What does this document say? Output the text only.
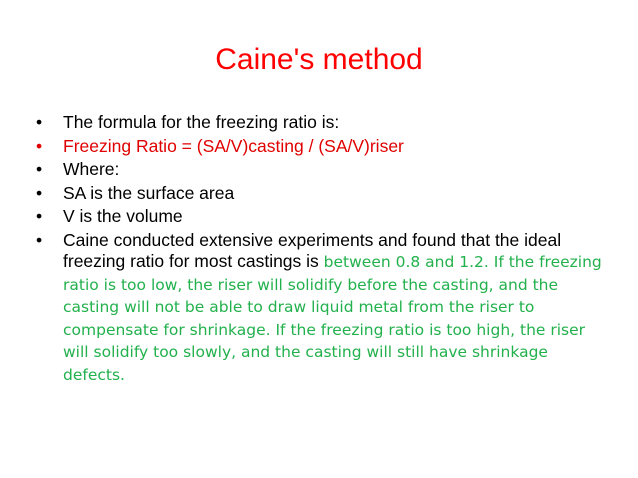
Caine's method
•	The formula for the freezing ratio is:
•	Freezing Ratio = (SA/V)casting / (SA/V)riser
•	Where:
•	SA is the surface area
•	V is the volume
•	Caine conducted extensive experiments and found that the ideal freezing ratio for most castings is between 0.8 and 1.2. If the freezing ratio is too low, the riser will solidify before the casting, and the casting will not be able to draw liquid metal from the riser to compensate for shrinkage. If the freezing ratio is too high, the riser will solidify too slowly, and the casting will still have shrinkage defects.
